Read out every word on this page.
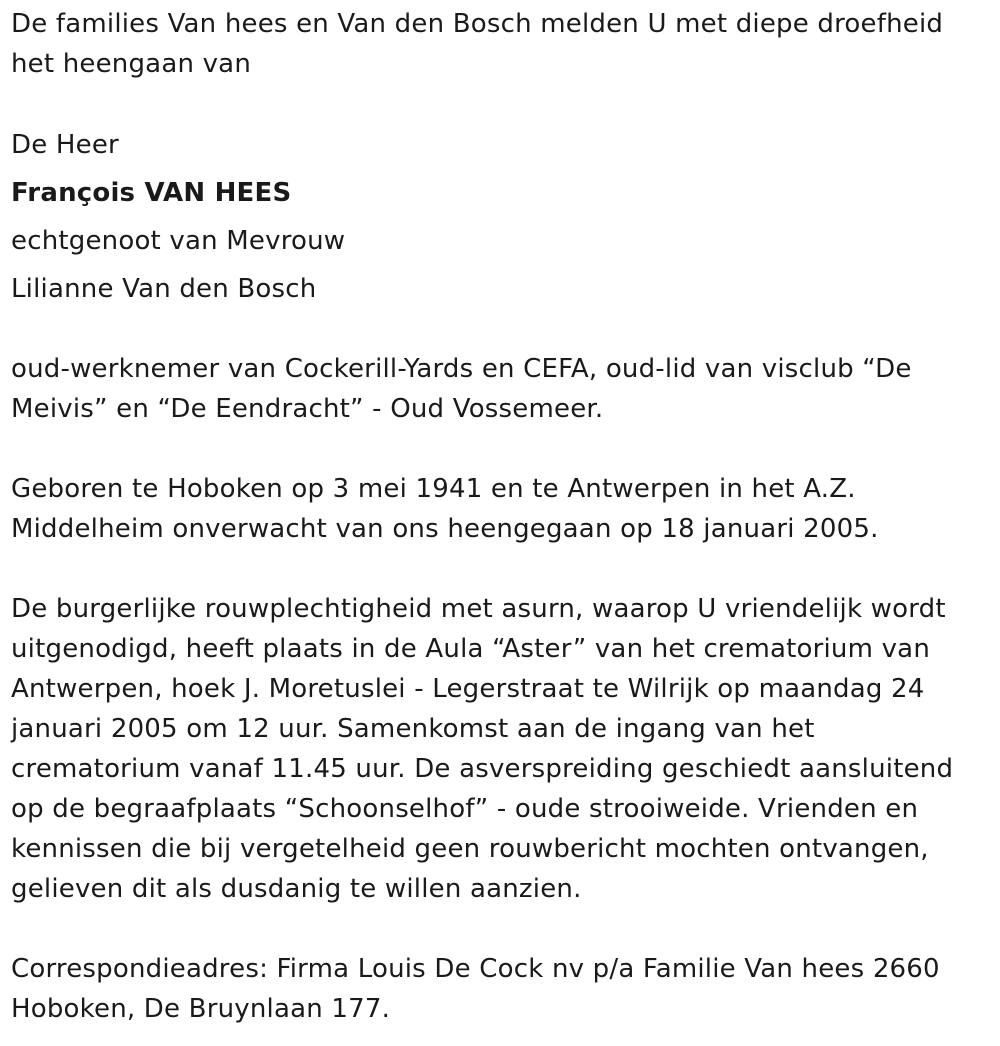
De families Van hees en Van den Bosch melden U met diepe droefheid
het heengaan van
De Heer
François VAN HEES
echtgenoot van Mevrouw
Lilianne Van den Bosch
oud-werknemer van Cockerill-Yards en CEFA, oud-lid van visclub “De
Meivis” en “De Eendracht” - Oud Vossemeer.
Geboren te Hoboken op 3 mei 1941 en te Antwerpen in het A.Z.
Middelheim onverwacht van ons heengegaan op 18 januari 2005.
De burgerlijke rouwplechtigheid met asurn, waarop U vriendelijk wordt
uitgenodigd, heeft plaats in de Aula “Aster” van het crematorium van
Antwerpen, hoek J. Moretuslei - Legerstraat te Wilrijk op maandag 24
januari 2005 om 12 uur. Samenkomst aan de ingang van het
crematorium vanaf 11.45 uur. De asverspreiding geschiedt aansluitend
op de begraafplaats “Schoonselhof” - oude strooiweide. Vrienden en
kennissen die bij vergetelheid geen rouwbericht mochten ontvangen,
gelieven dit als dusdanig te willen aanzien.
Correspondieadres: Firma Louis De Cock nv p/a Familie Van hees 2660
Hoboken, De Bruynlaan 177.
